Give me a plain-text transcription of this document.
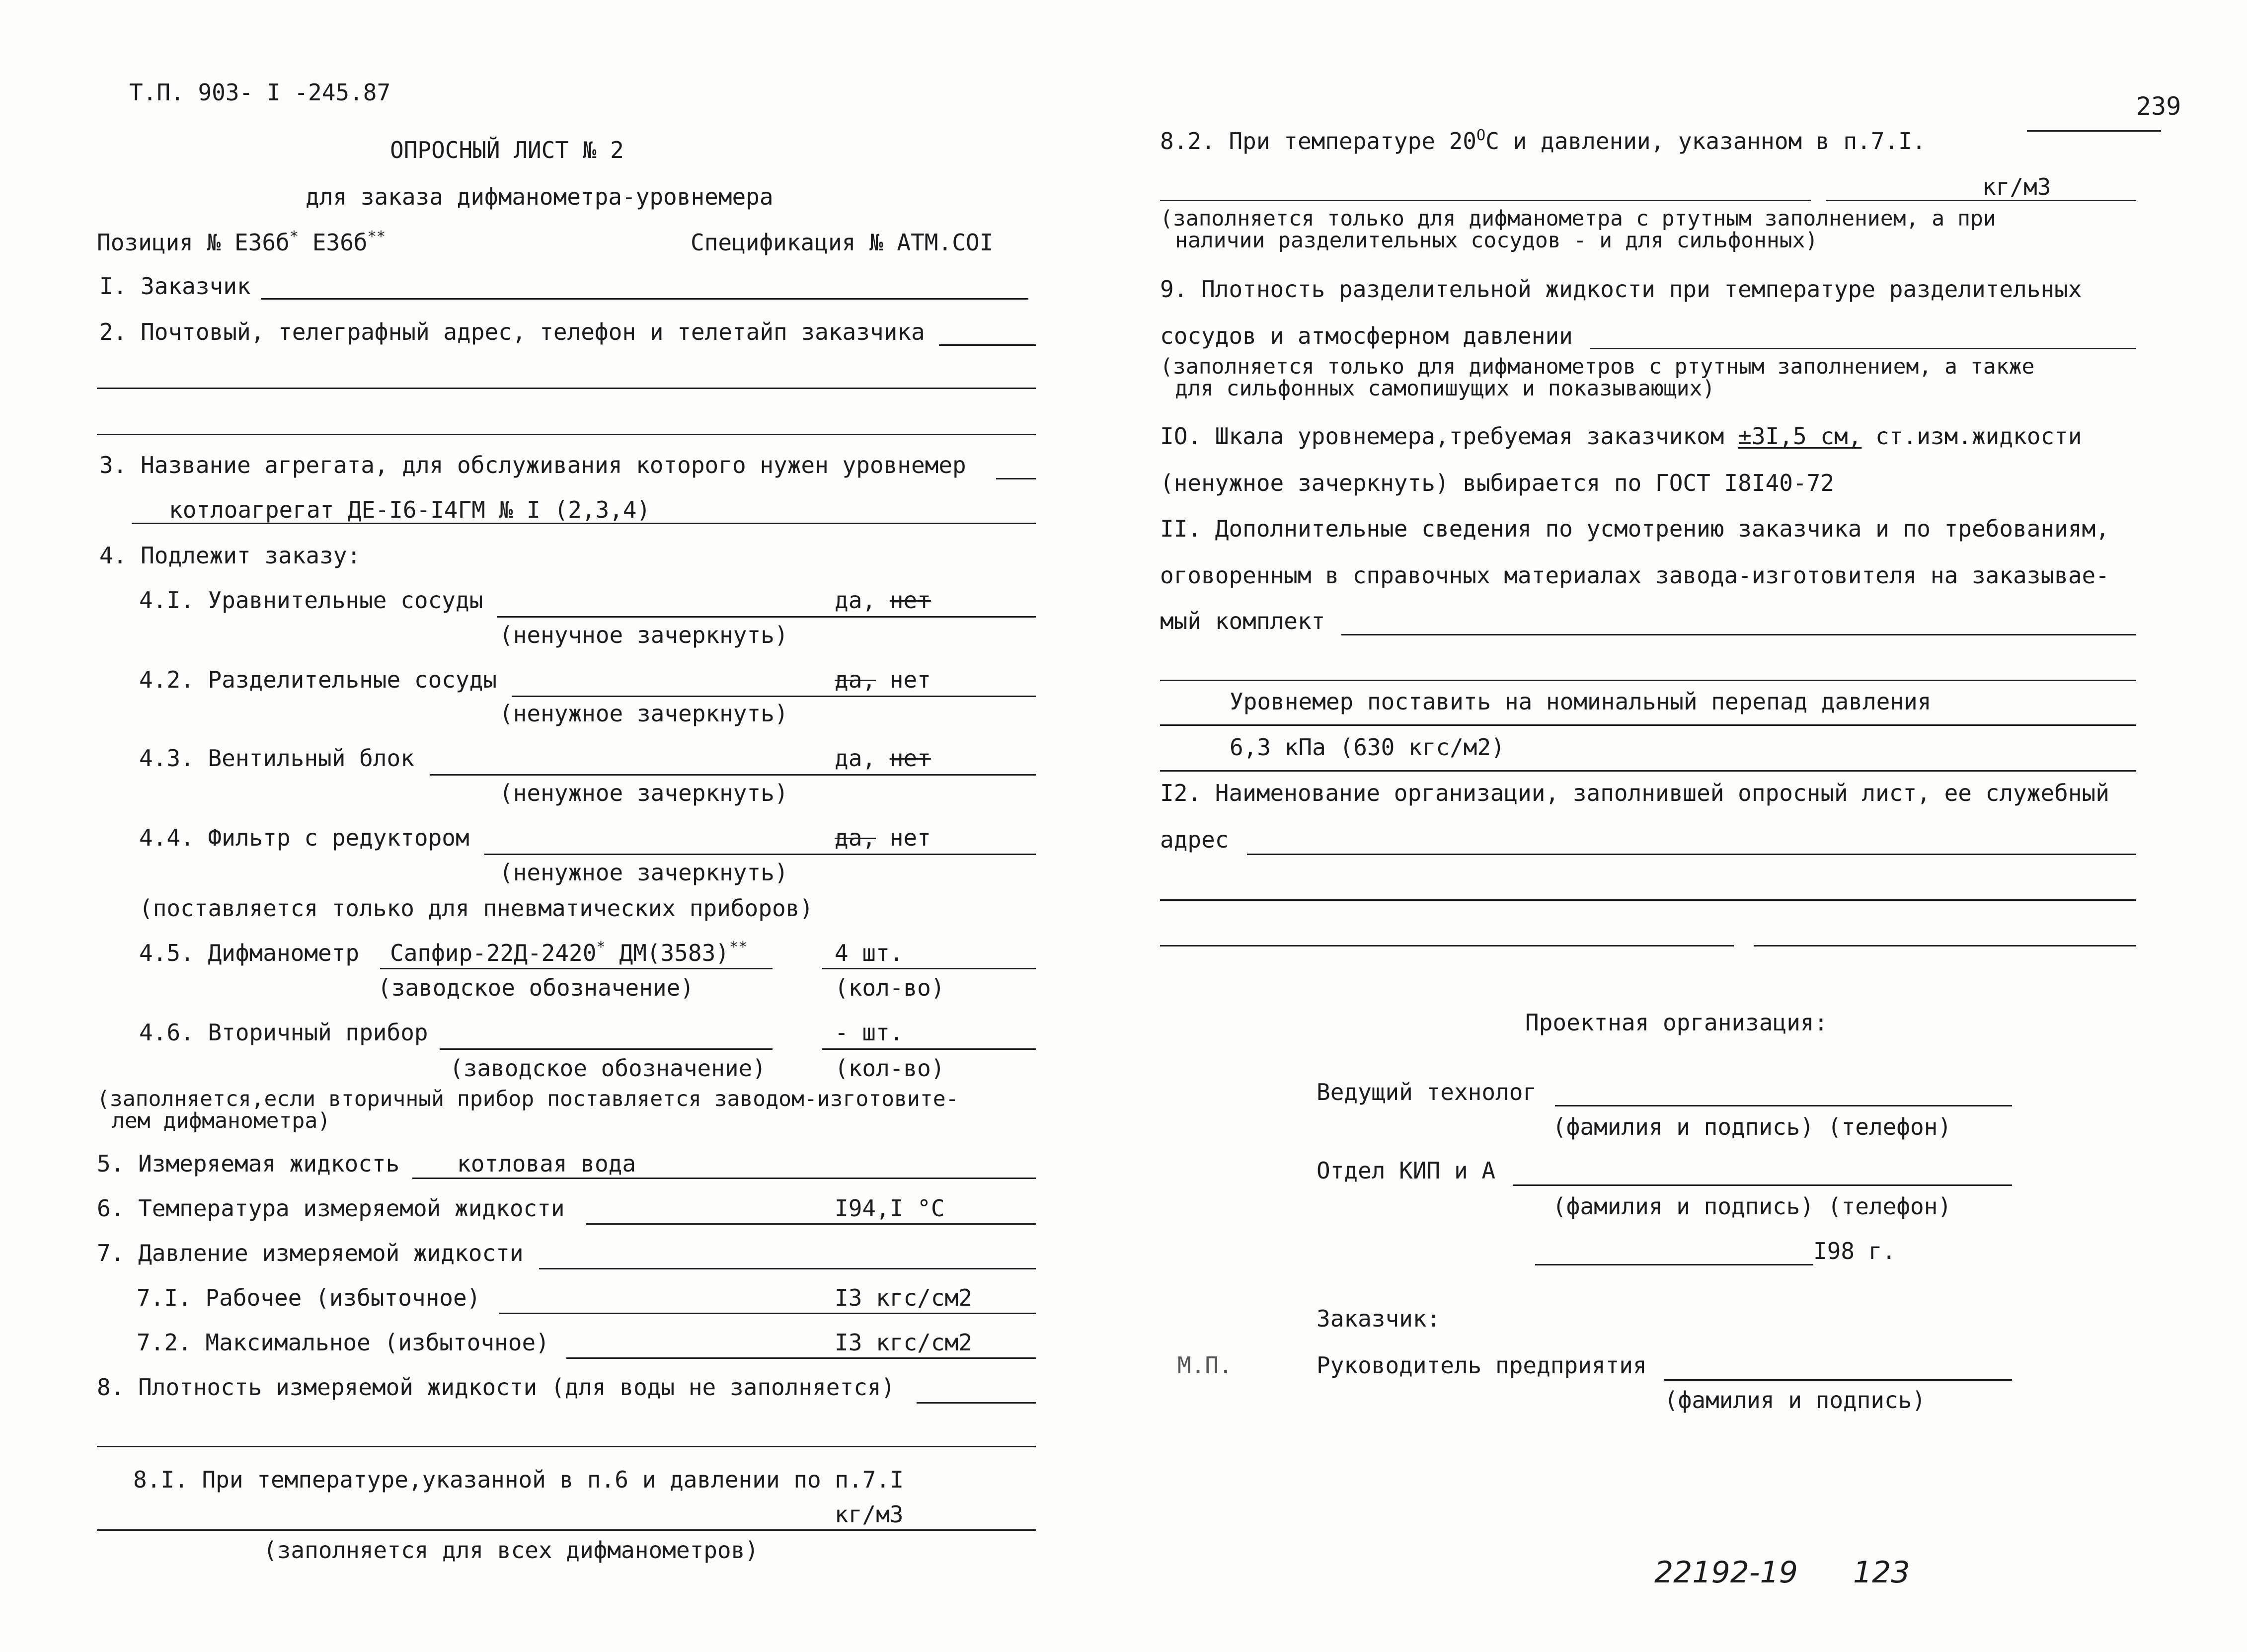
Т.П. 903- I -245.87	239
ОПРОСНЫЙ ЛИСТ № 2
для заказа дифманометра-уровнемера
Позиция № Е36б* Е36б**	Спецификация № АТМ.СОI
I. Заказчик
2. Почтовый, телеграфный адрес, телефон и телетайп заказчика
3. Название агрегата, для обслуживания которого нужен уровнемер
котлоагрегат ДЕ-I6-I4ГМ № I (2,3,4)
4. Подлежит заказу:
4.I. Уравнительные сосуды	да, нет
(ненучное зачеркнуть)
4.2. Разделительные сосуды	да, нет
(ненужное зачеркнуть)
4.3. Вентильный блок	да, нет
(ненужное зачеркнуть)
4.4. Фильтр с редуктором	да, нет
(ненужное зачеркнуть)
(поставляется только для пневматических приборов)
4.5. Дифманометр Сапфир-22Д-2420* ДМ(3583)**	4 шт.
(заводское обозначение)	(кол-во)
4.6. Вторичный прибор	- шт.
(заводское обозначение)	(кол-во)
(заполняется,если вторичный прибор поставляется заводом-изготовите-
лем дифманометра)
5. Измеряемая жидкость	котловая вода
6. Температура измеряемой жидкости	I94,I °С
7. Давление измеряемой жидкости
7.I. Рабочее (избыточное)	I3 кгс/см2
7.2. Максимальное (избыточное)	I3 кгс/см2
8. Плотность измеряемой жидкости (для воды не заполняется)
8.I. При температуре,указанной в п.6 и давлении по п.7.I
кг/м3
(заполняется для всех дифманометров)
8.2. При температуре $20^ОС$ и давлении, указанном в п.7.I.
кг/м3
(заполняется только для дифманометра с ртутным заполнением, а при
наличии разделительных сосудов - и для сильфонных)
9. Плотность разделительной жидкости при температуре разделительных
сосудов и атмосферном давлении
(заполняется только для дифманометров с ртутным заполнением, а также
для сильфонных самопишущих и показывающих)
IO. Шкала уровнемера,требуемая заказчиком ±3I,5 см, ст.изм.жидкости
(ненужное зачеркнуть) выбирается по ГОСТ I8I40-72
II. Дополнительные сведения по усмотрению заказчика и по требованиям,
оговоренным в справочных материалах завода-изготовителя на заказывае-
мый комплект
Уровнемер поставить на номинальный перепад давления
6,3 кПа (630 кгс/м2)
I2. Наименование организации, заполнившей опросный лист, ее служебный
адрес
Проектная организация:
Ведущий технолог
(фамилия и подпись) (телефон)
Отдел КИП и А
(фамилия и подпись) (телефон)
I98 г.
Заказчик:
М.П.	Руководитель предприятия
(фамилия и подпись)
22192-19 123
